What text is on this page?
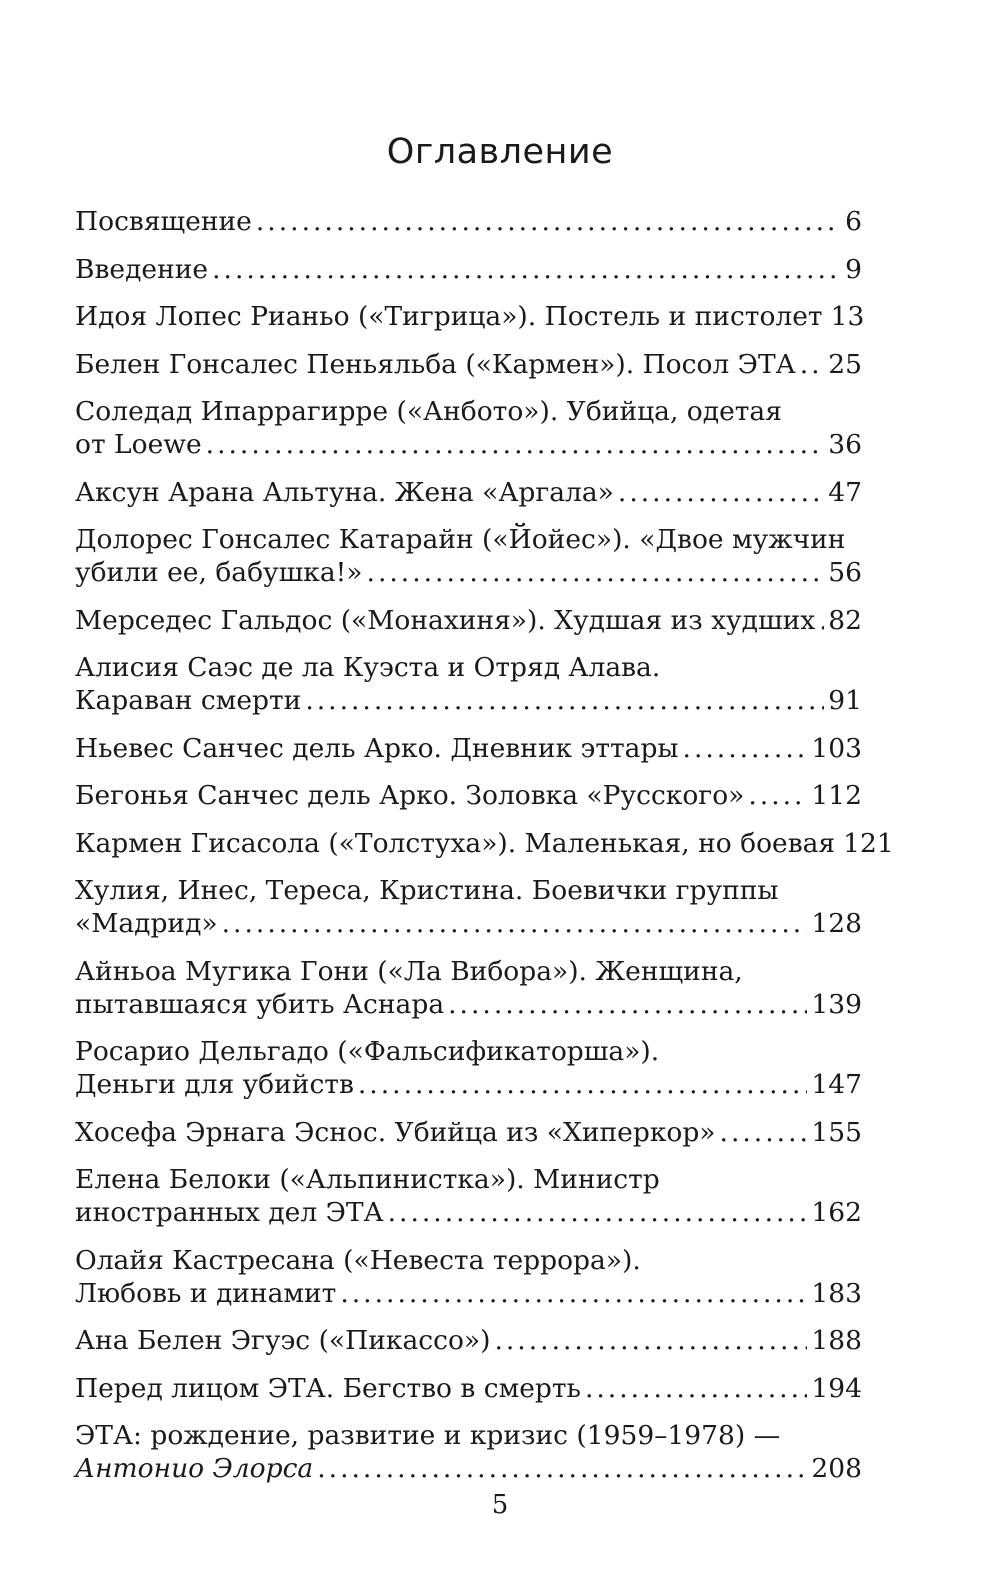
Оглавление
Посвящение .....	6
Введение .....	9
Идоя Лопес Рианьо («Тигрица»). Постель и пистолет 13
Белен Гонсалес Пеньяльба («Кармен»). Посол ЭТА ..... 25
Соледад Ипаррагирре («Анбото»). Убийца, одетая
от Loewe .....	36
Аксун Арана Альтуна. Жена «Аргала» .....	47
Долорес Гонсалес Катарайн («Йойес»). «Двое мужчин
убили ее, бабушка!» .....	56
Мерседес Гальдос («Монахиня»). Худшая из худших ..... 82
Алисия Саэс де ла Куэста и Отряд Алава.
Караван смерти .....	91
Ньевес Санчес дель Арко. Дневник эттары .....	103
Бегонья Санчес дель Арко. Золовка «Русского» .....	112
Кармен Гисасола («Толстуха»). Маленькая, но боевая 121
Хулия, Инес, Тереса, Кристина. Боевички группы
«Мадрид» .....	128
Айньоа Мугика Гони («Ла Вибора»). Женщина,
пытавшаяся убить Аснара .....	139
Росарио Дельгадо («Фальсификаторша»).
Деньги для убийств .....	147
Хосефа Эрнага Эснос. Убийца из «Хиперкор» .....	155
Елена Белоки («Альпинистка»). Министр
иностранных дел ЭТА .....	162
Олайя Кастресана («Невеста террора»).
Любовь и динамит .....	183
Ана Белен Эгуэс («Пикассо») .....	188
Перед лицом ЭТА. Бегство в смерть .....	194
ЭТА: рождение, развитие и кризис (1959–1978) —
Антонио Элорса .....	208
5
